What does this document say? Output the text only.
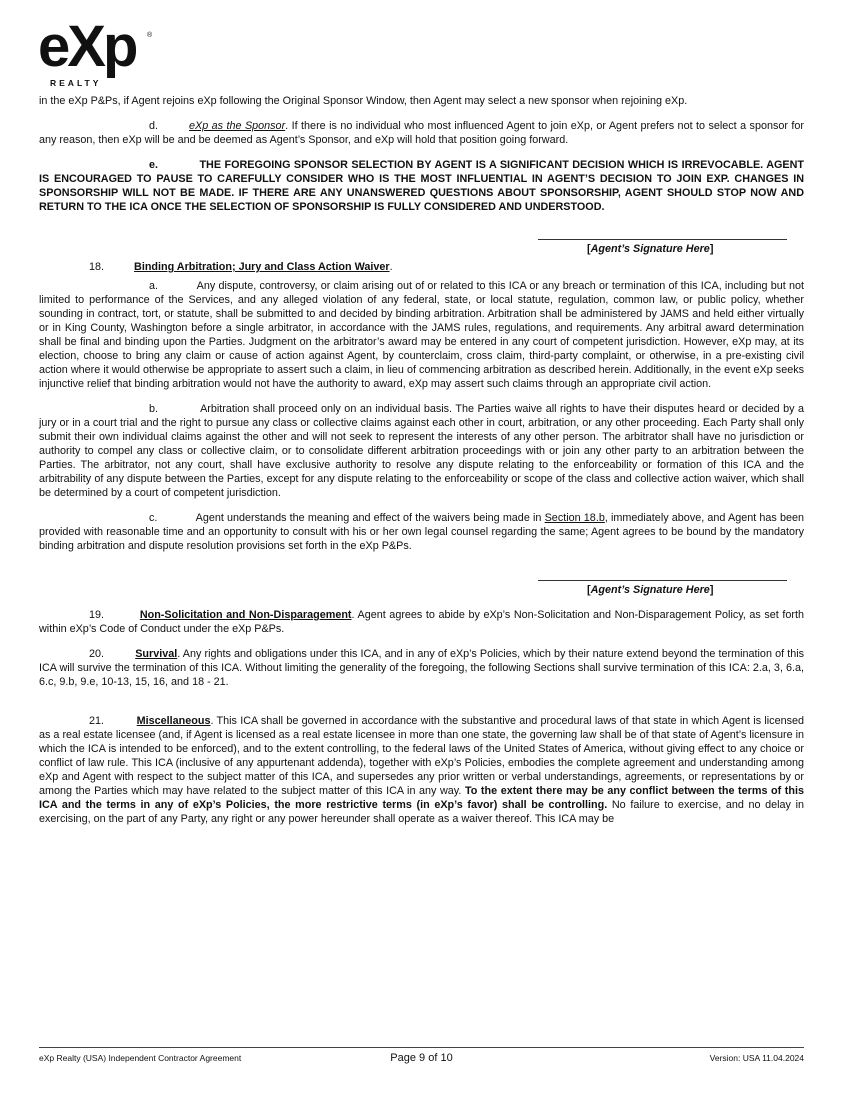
eXp ®
REALTY

in the eXp P&Ps, if Agent rejoins eXp following the Original Sponsor Window, then Agent may select a new sponsor when rejoining eXp.

d.	eXp as the Sponsor. If there is no individual who most influenced Agent to join eXp, or Agent prefers not to select a sponsor for any reason, then eXp will be and be deemed as Agent’s Sponsor, and eXp will hold that position going forward.

e.	THE FOREGOING SPONSOR SELECTION BY AGENT IS A SIGNIFICANT DECISION WHICH IS IRREVOCABLE. AGENT IS ENCOURAGED TO PAUSE TO CAREFULLY CONSIDER WHO IS THE MOST INFLUENTIAL IN AGENT’S DECISION TO JOIN EXP. CHANGES IN SPONSORSHIP WILL NOT BE MADE. IF THERE ARE ANY UNANSWERED QUESTIONS ABOUT SPONSORSHIP, AGENT SHOULD STOP NOW AND RETURN TO THE ICA ONCE THE SELECTION OF SPONSORSHIP IS FULLY CONSIDERED AND UNDERSTOOD.

[Agent’s Signature Here]

18.	Binding Arbitration; Jury and Class Action Waiver.

a.	Any dispute, controversy, or claim arising out of or related to this ICA or any breach or termination of this ICA, including but not limited to performance of the Services, and any alleged violation of any federal, state, or local statute, regulation, common law, or public policy, whether sounding in contract, tort, or statute, shall be submitted to and decided by binding arbitration. Arbitration shall be administered by JAMS and held either virtually or in King County, Washington before a single arbitrator, in accordance with the JAMS rules, regulations, and requirements. Any arbitral award determination shall be final and binding upon the Parties. Judgment on the arbitrator’s award may be entered in any court of competent jurisdiction. However, eXp may, at its election, choose to bring any claim or cause of action against Agent, by counterclaim, cross claim, third-party complaint, or otherwise, in a pre-existing civil action where it would otherwise be appropriate to assert such a claim, in lieu of commencing arbitration as described herein. Additionally, in the event eXp seeks injunctive relief that binding arbitration would not have the authority to award, eXp may assert such claims through an appropriate civil action.

b.	Arbitration shall proceed only on an individual basis. The Parties waive all rights to have their disputes heard or decided by a jury or in a court trial and the right to pursue any class or collective claims against each other in court, arbitration, or any other proceeding. Each Party shall only submit their own individual claims against the other and will not seek to represent the interests of any other person. The arbitrator shall have no jurisdiction or authority to compel any class or collective claim, or to consolidate different arbitration proceedings with or join any other party to an arbitration between the Parties. The arbitrator, not any court, shall have exclusive authority to resolve any dispute relating to the enforceability or formation of this ICA and the arbitrability of any dispute between the Parties, except for any dispute relating to the enforceability or scope of the class and collective action waiver, which shall be determined by a court of competent jurisdiction.

c.	Agent understands the meaning and effect of the waivers being made in Section 18.b, immediately above, and Agent has been provided with reasonable time and an opportunity to consult with his or her own legal counsel regarding the same; Agent agrees to be bound by the mandatory binding arbitration and dispute resolution provisions set forth in the eXp P&Ps.

[Agent’s Signature Here]

19.	Non-Solicitation and Non-Disparagement. Agent agrees to abide by eXp’s Non-Solicitation and Non-Disparagement Policy, as set forth within eXp’s Code of Conduct under the eXp P&Ps.

20.	Survival. Any rights and obligations under this ICA, and in any of eXp’s Policies, which by their nature extend beyond the termination of this ICA will survive the termination of this ICA. Without limiting the generality of the foregoing, the following Sections shall survive termination of this ICA: 2.a, 3, 6.a, 6.c, 9.b, 9.e, 10-13, 15, 16, and 18 - 21.

21.	Miscellaneous. This ICA shall be governed in accordance with the substantive and procedural laws of that state in which Agent is licensed as a real estate licensee (and, if Agent is licensed as a real estate licensee in more than one state, the governing law shall be of that state of Agent’s licensure in which the ICA is intended to be enforced), and to the extent controlling, to the federal laws of the United States of America, without giving effect to any choice or conflict of law rule. This ICA (inclusive of any appurtenant addenda), together with eXp’s Policies, embodies the complete agreement and understanding among eXp and Agent with respect to the subject matter of this ICA, and supersedes any prior written or verbal understandings, agreements, or representations by or among the Parties which may have related to the subject matter of this ICA in any way. To the extent there may be any conflict between the terms of this ICA and the terms in any of eXp’s Policies, the more restrictive terms (in eXp’s favor) shall be controlling. No failure to exercise, and no delay in exercising, on the part of any Party, any right or any power hereunder shall operate as a waiver thereof. This ICA may be

eXp Realty (USA) Independent Contractor Agreement	Page 9 of 10	Version: USA 11.04.2024
